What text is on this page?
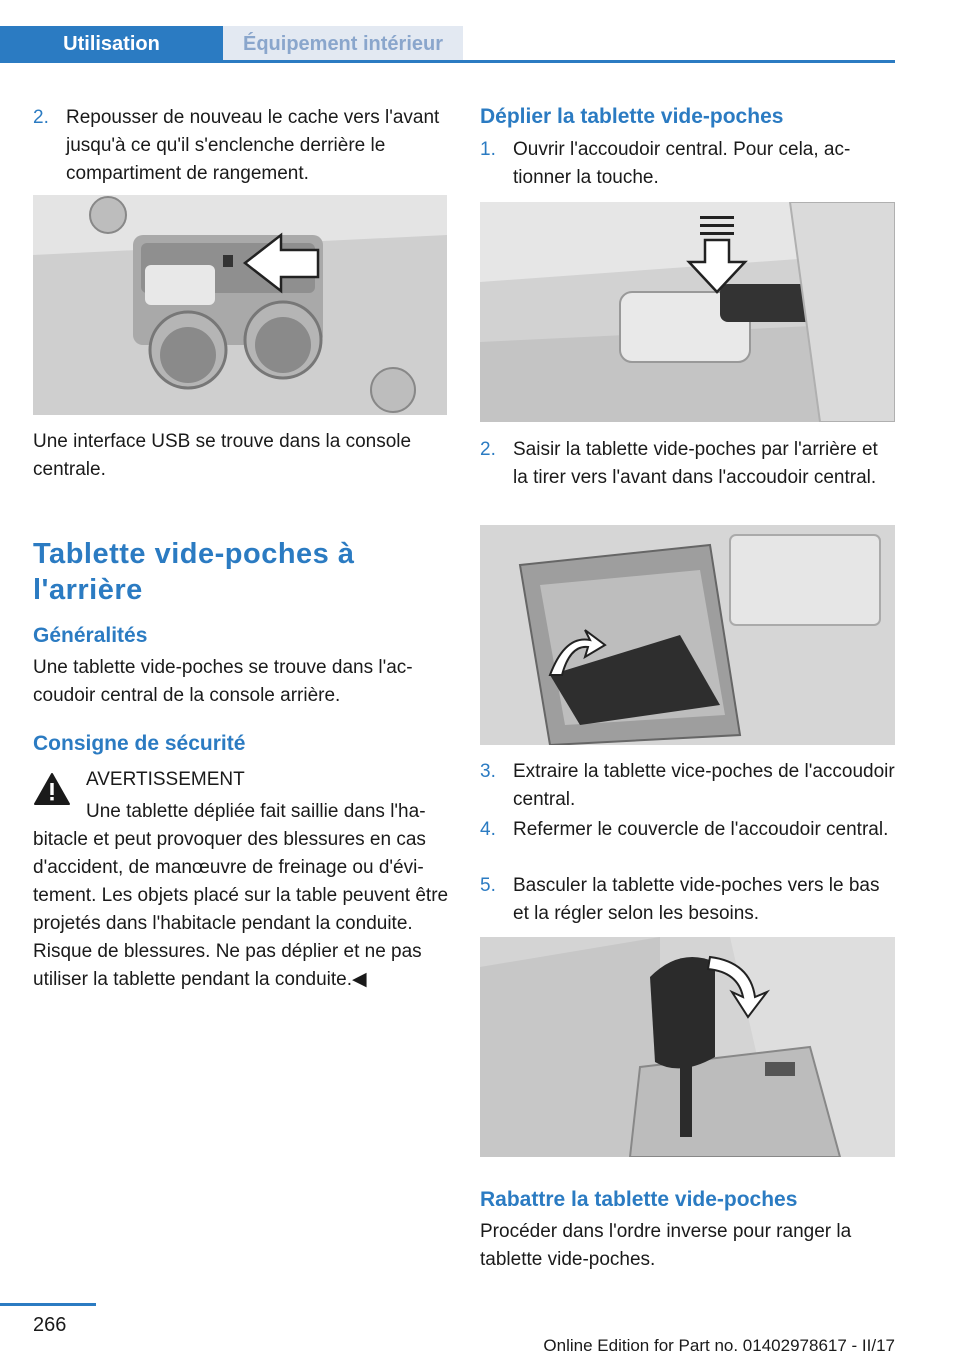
Utilisation	Équipement intérieur
2. Repousser de nouveau le cache vers l'avant jusqu'à ce qu'il s'enclenche derrière le compartiment de rangement.
Une interface USB se trouve dans la console centrale.
Tablette vide-poches à l'arrière
Généralités
Une tablette vide-poches se trouve dans l'accoudoir central de la console arrière.
Consigne de sécurité
AVERTISSEMENT
Une tablette dépliée fait saillie dans l'habitacle et peut provoquer des blessures en cas d'accident, de manœuvre de freinage ou d'évitement. Les objets placé sur la table peuvent être projetés dans l'habitacle pendant la conduite. Risque de blessures. Ne pas déplier et ne pas utiliser la tablette pendant la conduite.◀
Déplier la tablette vide-poches
1. Ouvrir l'accoudoir central. Pour cela, actionner la touche.
2. Saisir la tablette vide-poches par l'arrière et la tirer vers l'avant dans l'accoudoir central.
3. Extraire la tablette vice-poches de l'accoudoir central.
4. Refermer le couvercle de l'accoudoir central.
5. Basculer la tablette vide-poches vers le bas et la régler selon les besoins.
Rabattre la tablette vide-poches
Procéder dans l'ordre inverse pour ranger la tablette vide-poches.
266
Online Edition for Part no. 01402978617 - II/17
